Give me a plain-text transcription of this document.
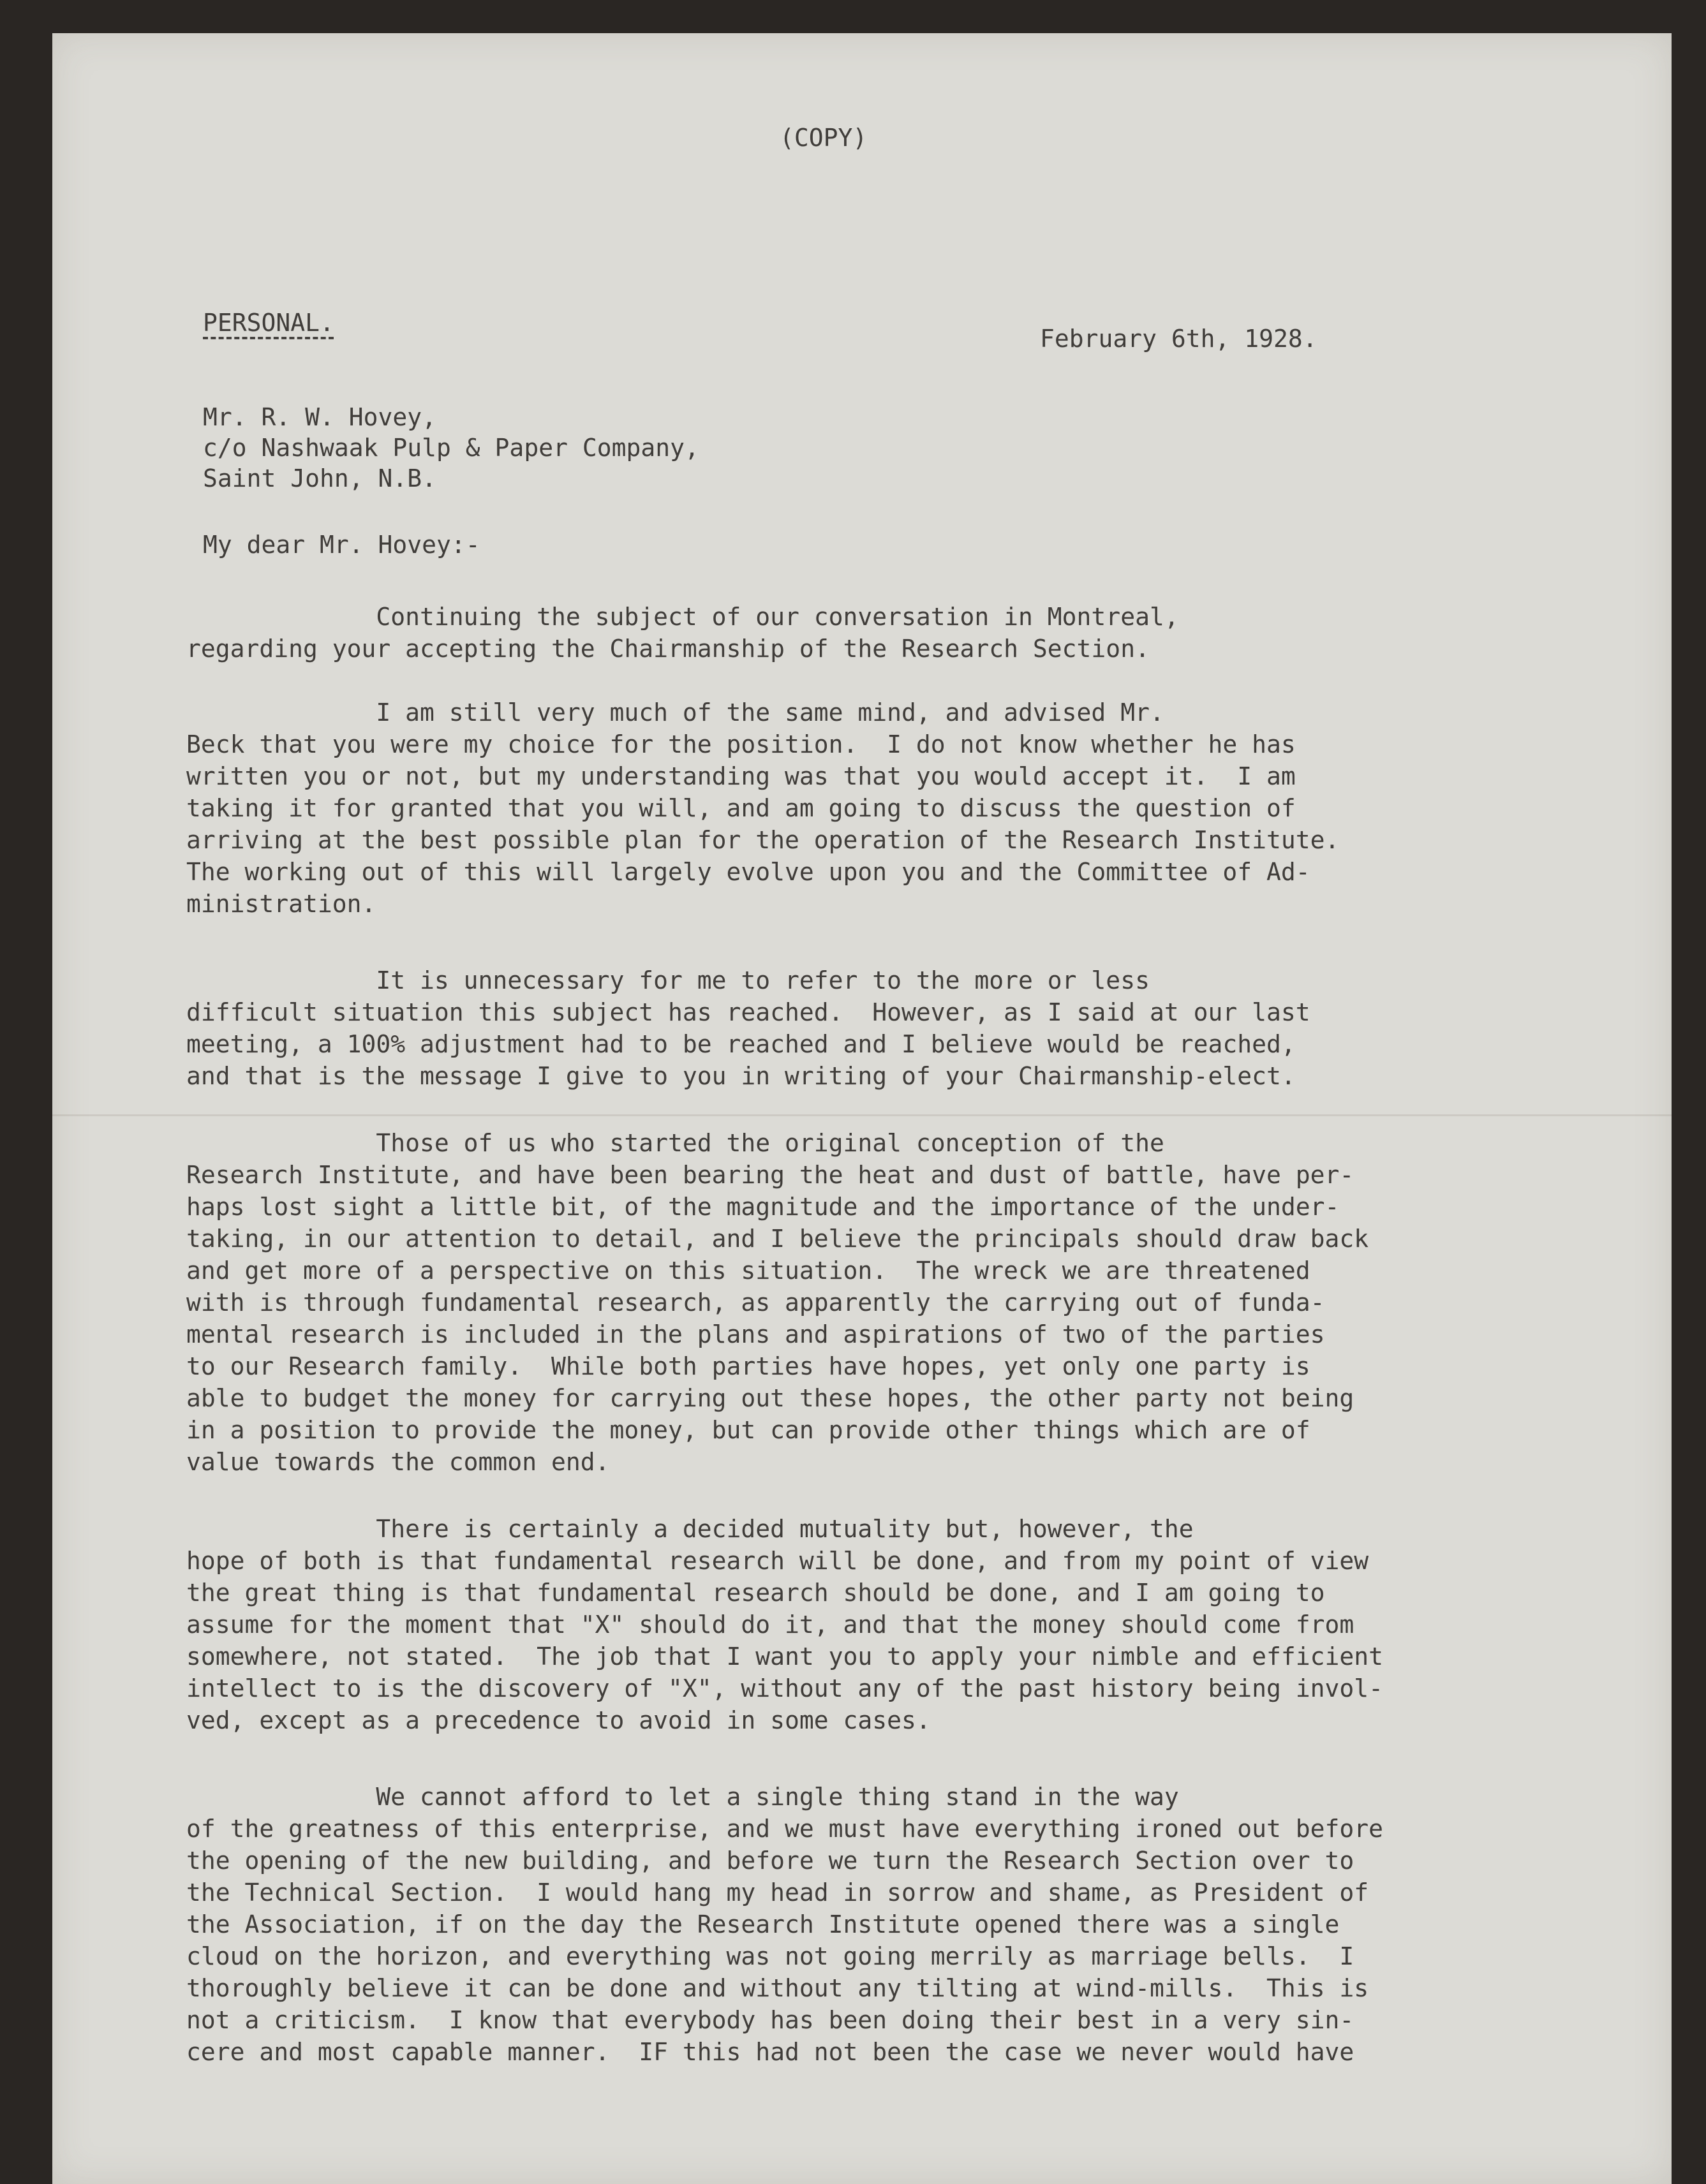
(COPY)
PERSONAL.
February 6th, 1928.
Mr. R. W. Hovey,
c/o Nashwaak Pulp & Paper Company,
Saint John, N.B.
My dear Mr. Hovey:-
Continuing the subject of our conversation in Montreal,
regarding your accepting the Chairmanship of the Research Section.
I am still very much of the same mind, and advised Mr.
Beck that you were my choice for the position.  I do not know whether he has
written you or not, but my understanding was that you would accept it.  I am
taking it for granted that you will, and am going to discuss the question of
arriving at the best possible plan for the operation of the Research Institute.
The working out of this will largely evolve upon you and the Committee of Ad-
ministration.
It is unnecessary for me to refer to the more or less
difficult situation this subject has reached.  However, as I said at our last
meeting, a 100% adjustment had to be reached and I believe would be reached,
and that is the message I give to you in writing of your Chairmanship-elect.
Those of us who started the original conception of the
Research Institute, and have been bearing the heat and dust of battle, have per-
haps lost sight a little bit, of the magnitude and the importance of the under-
taking, in our attention to detail, and I believe the principals should draw back
and get more of a perspective on this situation.  The wreck we are threatened
with is through fundamental research, as apparently the carrying out of funda-
mental research is included in the plans and aspirations of two of the parties
to our Research family.  While both parties have hopes, yet only one party is
able to budget the money for carrying out these hopes, the other party not being
in a position to provide the money, but can provide other things which are of
value towards the common end.
There is certainly a decided mutuality but, however, the
hope of both is that fundamental research will be done, and from my point of view
the great thing is that fundamental research should be done, and I am going to
assume for the moment that "X" should do it, and that the money should come from
somewhere, not stated.  The job that I want you to apply your nimble and efficient
intellect to is the discovery of "X", without any of the past history being invol-
ved, except as a precedence to avoid in some cases.
We cannot afford to let a single thing stand in the way
of the greatness of this enterprise, and we must have everything ironed out before
the opening of the new building, and before we turn the Research Section over to
the Technical Section.  I would hang my head in sorrow and shame, as President of
the Association, if on the day the Research Institute opened there was a single
cloud on the horizon, and everything was not going merrily as marriage bells.  I
thoroughly believe it can be done and without any tilting at wind-mills.  This is
not a criticism.  I know that everybody has been doing their best in a very sin-
cere and most capable manner.  IF this had not been the case we never would have
